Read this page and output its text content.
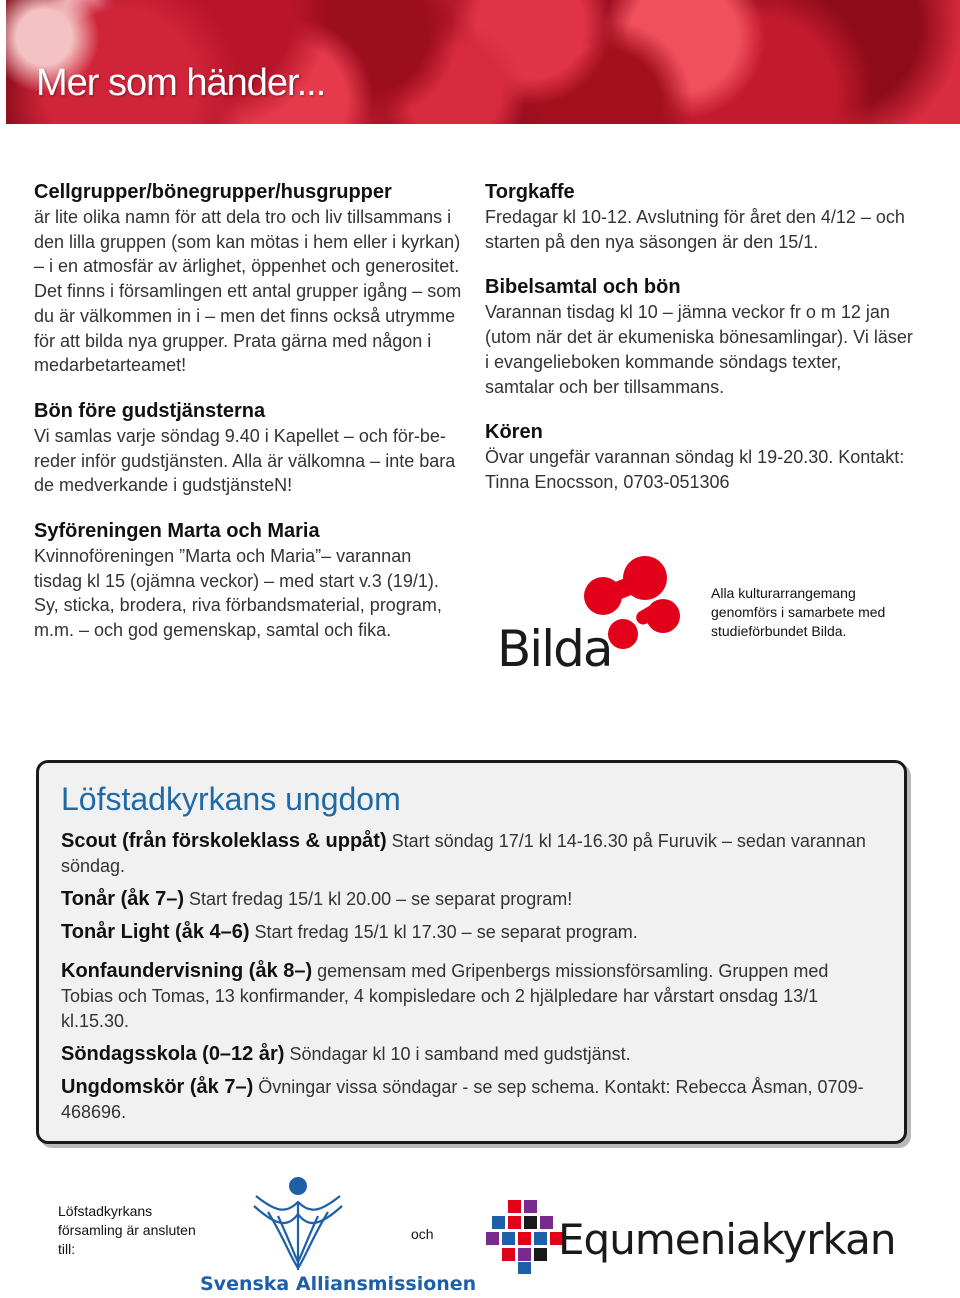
Mer som händer...
Cellgrupper/bönegrupper/husgrupper
är lite olika namn för att dela tro och liv tillsammans i den lilla gruppen (som kan mötas i hem eller i kyrkan) – i en atmosfär av ärlighet, öppenhet och generositet. Det finns i församlingen ett antal grupper igång – som du är välkommen in i – men det finns också utrymme för att bilda nya grupper. Prata gärna med någon i medarbetarteamet!
Bön före gudstjänsterna
Vi samlas varje söndag 9.40 i Kapellet – och för-be-reder inför gudstjänsten. Alla är välkomna – inte bara de medverkande i gudstjänsteN!
Syföreningen Marta och Maria
Kvinnoföreningen ”Marta och Maria”– varannan tisdag kl 15 (ojämna veckor) – med start v.3 (19/1). Sy, sticka, brodera, riva förbandsmaterial, program, m.m. – och god gemenskap, samtal och fika.
Torgkaffe
Fredagar kl 10-12. Avslutning för året den 4/12 – och starten på den nya säsongen är den 15/1.
Bibelsamtal och bön
Varannan tisdag kl 10 – jämna veckor fr o m 12 jan (utom när det är ekumeniska bönesamlingar). Vi läser i evangelieboken kommande söndags texter, samtalar och ber tillsammans.
Kören
Övar ungefär varannan söndag kl 19-20.30. Kontakt: Tinna Enocsson, 0703-051306
Bilda
Alla kulturarrangemang genomförs i samarbete med studieförbundet Bilda.
Löfstadkyrkans ungdom

Scout (från förskoleklass & uppåt) Start söndag 17/1 kl 14-16.30 på Furuvik – sedan varannan söndag.

Tonår (åk 7–) Start fredag 15/1 kl 20.00 – se separat program!

Tonår Light (åk 4–6) Start fredag 15/1 kl 17.30 – se separat program.

Konfaundervisning (åk 8–) gemensam med Gripenbergs missionsförsamling. Gruppen med Tobias och Tomas, 13 konfirmander, 4 kompisledare och 2 hjälpledare har vårstart onsdag 13/1 kl.15.30.

Söndagsskola (0–12 år) Söndagar kl 10 i samband med gudstjänst.

Ungdomskör (åk 7–) Övningar vissa söndagar - se sep schema. Kontakt: Rebecca Åsman, 0709-468696.

Löfstadkyrkans församling är ansluten till:
Svenska Alliansmissionen
och	Equmeniakyrkan
